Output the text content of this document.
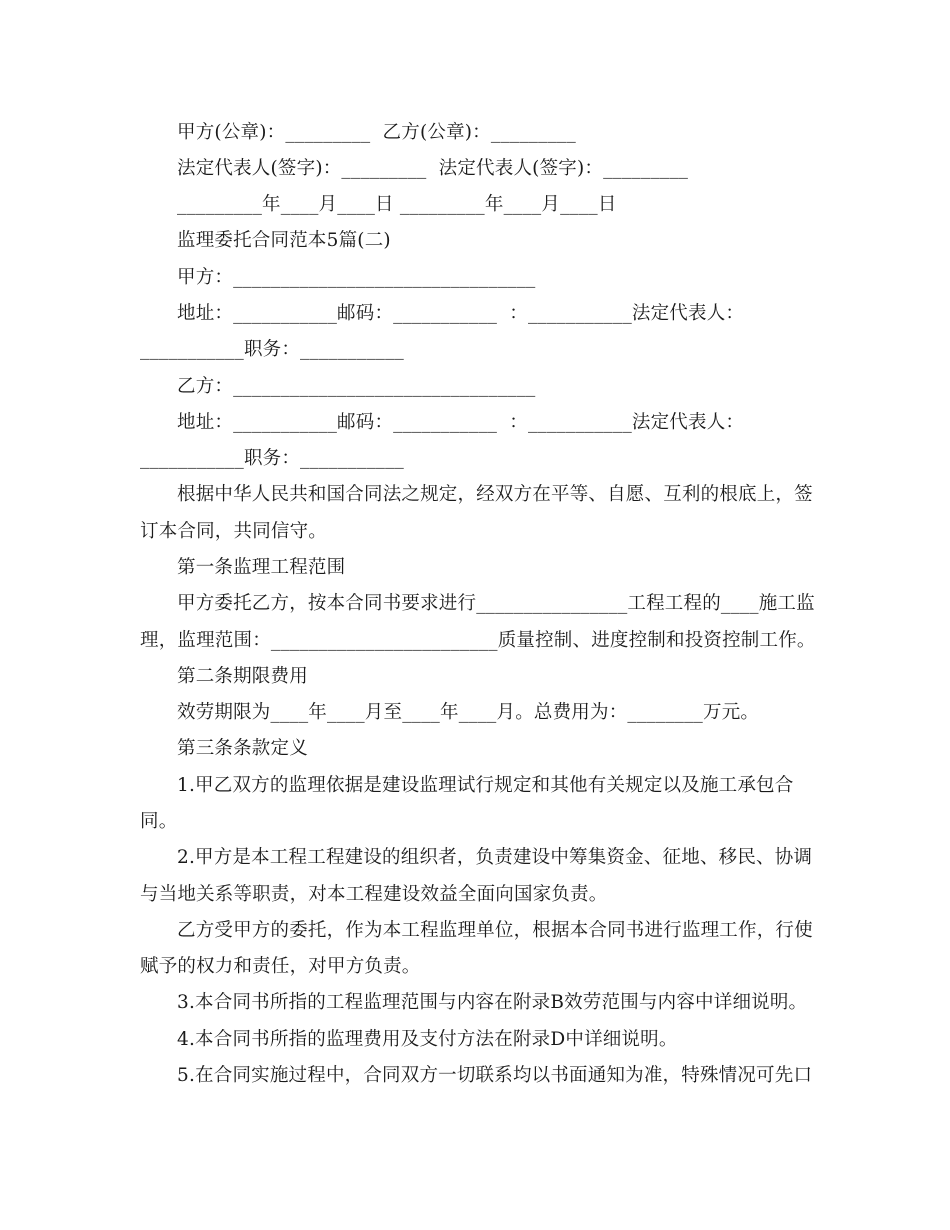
甲方(公章)：_________  乙方(公章)：_________
法定代表人(签字)：_________  法定代表人(签字)：_________
_________年____月____日 _________年____月____日
监理委托合同范本5篇(二)
甲方：________________________________
地址：___________邮码：___________  ：___________法定代表人：
___________职务：___________
乙方：________________________________
地址：___________邮码：___________  ：___________法定代表人：
___________职务：___________
根据中华人民共和国合同法之规定，经双方在平等、自愿、互利的根底上，签
订本合同，共同信守。
第一条监理工程范围
甲方委托乙方，按本合同书要求进行________________工程工程的____施工监
理，监理范围：________________________质量控制、进度控制和投资控制工作。
第二条期限费用
效劳期限为____年____月至____年____月。总费用为：________万元。
第三条条款定义
1.甲乙双方的监理依据是建设监理试行规定和其他有关规定以及施工承包合
同。
2.甲方是本工程工程建设的组织者，负责建设中筹集资金、征地、移民、协调
与当地关系等职责，对本工程建设效益全面向国家负责。
乙方受甲方的委托，作为本工程监理单位，根据本合同书进行监理工作，行使
赋予的权力和责任，对甲方负责。
3.本合同书所指的工程监理范围与内容在附录B效劳范围与内容中详细说明。
4.本合同书所指的监理费用及支付方法在附录D中详细说明。
5.在合同实施过程中，合同双方一切联系均以书面通知为准，特殊情况可先口
